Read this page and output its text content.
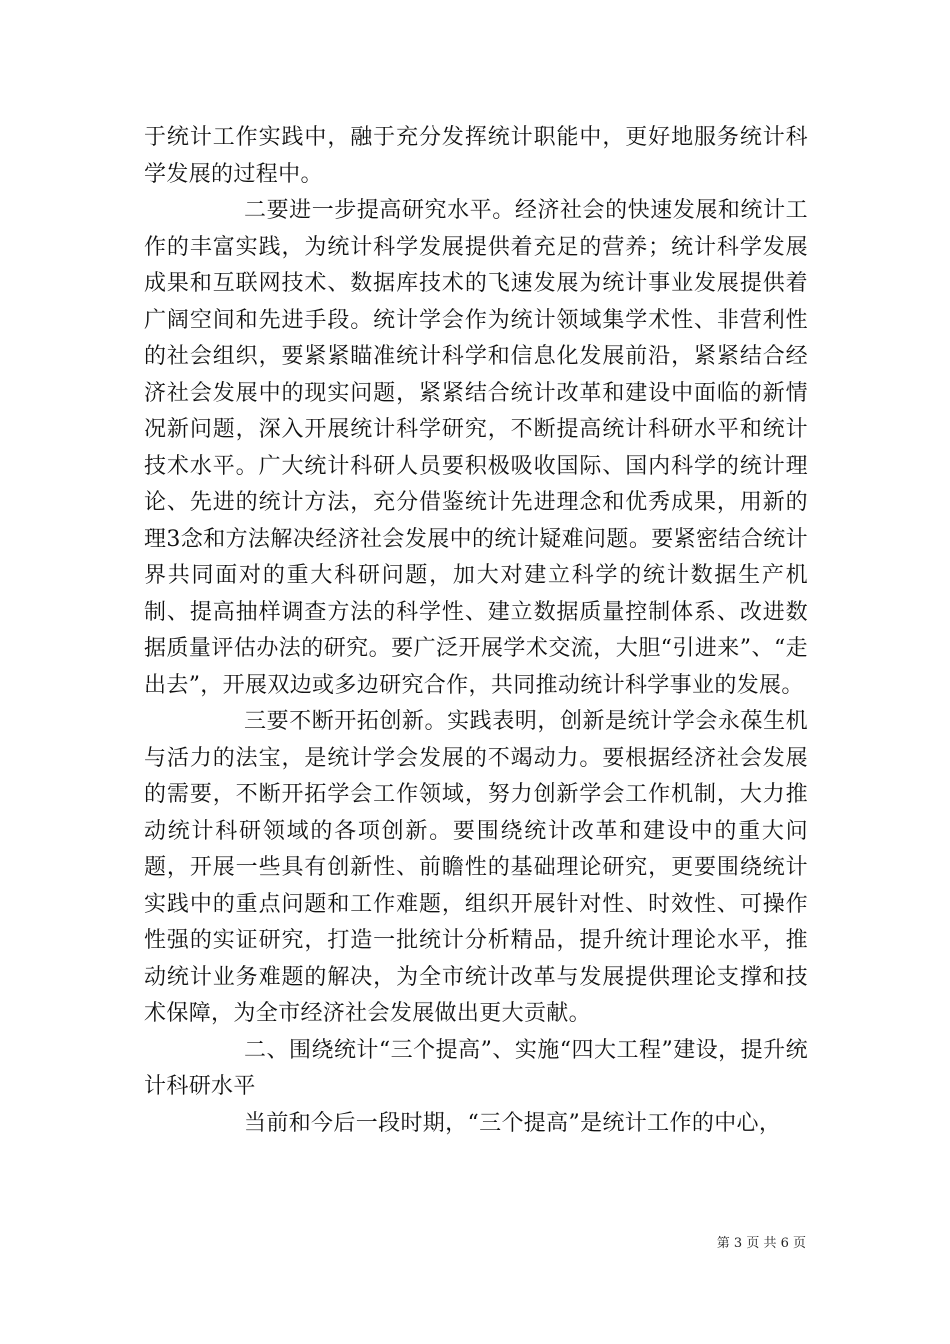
于统计工作实践中，融于充分发挥统计职能中，更好地服务统计科学发展的过程中。

二要进一步提高研究水平。经济社会的快速发展和统计工作的丰富实践，为统计科学发展提供着充足的营养；统计科学发展成果和互联网技术、数据库技术的飞速发展为统计事业发展提供着广阔空间和先进手段。统计学会作为统计领域集学术性、非营利性的社会组织，要紧紧瞄准统计科学和信息化发展前沿，紧紧结合经济社会发展中的现实问题，紧紧结合统计改革和建设中面临的新情况新问题，深入开展统计科学研究，不断提高统计科研水平和统计技术水平。广大统计科研人员要积极吸收国际、国内科学的统计理论、先进的统计方法，充分借鉴统计先进理念和优秀成果，用新的理3念和方法解决经济社会发展中的统计疑难问题。要紧密结合统计界共同面对的重大科研问题，加大对建立科学的统计数据生产机制、提高抽样调查方法的科学性、建立数据质量控制体系、改进数据质量评估办法的研究。要广泛开展学术交流，大胆“引进来”、“走出去”，开展双边或多边研究合作，共同推动统计科学事业的发展。

三要不断开拓创新。实践表明，创新是统计学会永葆生机与活力的法宝，是统计学会发展的不竭动力。要根据经济社会发展的需要，不断开拓学会工作领域，努力创新学会工作机制，大力推动统计科研领域的各项创新。要围绕统计改革和建设中的重大问题，开展一些具有创新性、前瞻性的基础理论研究，更要围绕统计实践中的重点问题和工作难题，组织开展针对性、时效性、可操作性强的实证研究，打造一批统计分析精品，提升统计理论水平，推动统计业务难题的解决，为全市统计改革与发展提供理论支撑和技术保障，为全市经济社会发展做出更大贡献。

二、围绕统计“三个提高”、实施“四大工程”建设，提升统计科研水平

当前和今后一段时期，“三个提高”是统计工作的中心，

第 3 页 共 6 页
